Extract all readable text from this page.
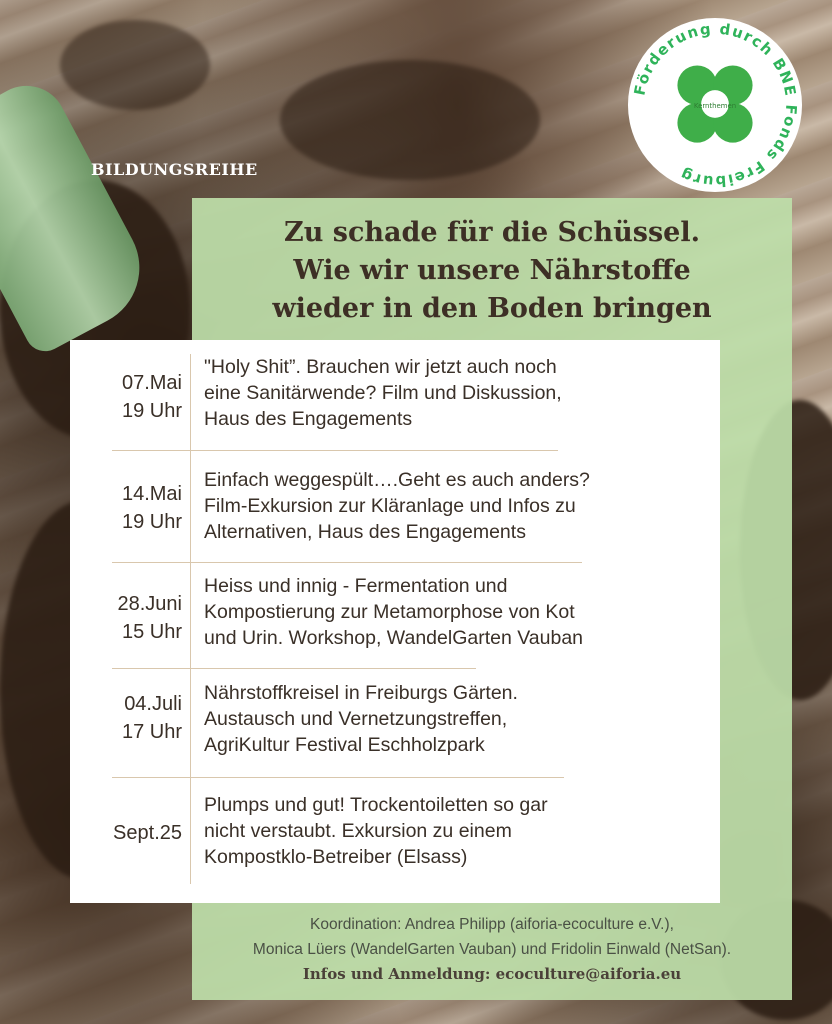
BILDUNGSREIHE
Förderung durch BNE Fonds Freiburg
Kernthemen
Zu schade für die Schüssel.
Wie wir unsere Nährstoffe
wieder in den Boden bringen
07.Mai
19 Uhr
"Holy Shit”. Brauchen wir jetzt auch noch
eine Sanitärwende? Film und Diskussion,
Haus des Engagements
14.Mai
19 Uhr
Einfach weggespült….Geht es auch anders?
Film-Exkursion zur Kläranlage und Infos zu
Alternativen, Haus des Engagements
28.Juni
15 Uhr
Heiss und innig - Fermentation und
Kompostierung zur Metamorphose von Kot
und Urin. Workshop, WandelGarten Vauban
04.Juli
17 Uhr
Nährstoffkreisel in Freiburgs Gärten.
Austausch und Vernetzungstreffen,
AgriKultur Festival Eschholzpark
Sept.25
Plumps und gut! Trockentoiletten so gar
nicht verstaubt. Exkursion zu einem
Kompostklo-Betreiber (Elsass)
Koordination: Andrea Philipp (aiforia-ecoculture e.V.),
Monica Lüers (WandelGarten Vauban) und Fridolin Einwald (NetSan).
Infos und Anmeldung: ecoculture@aiforia.eu
